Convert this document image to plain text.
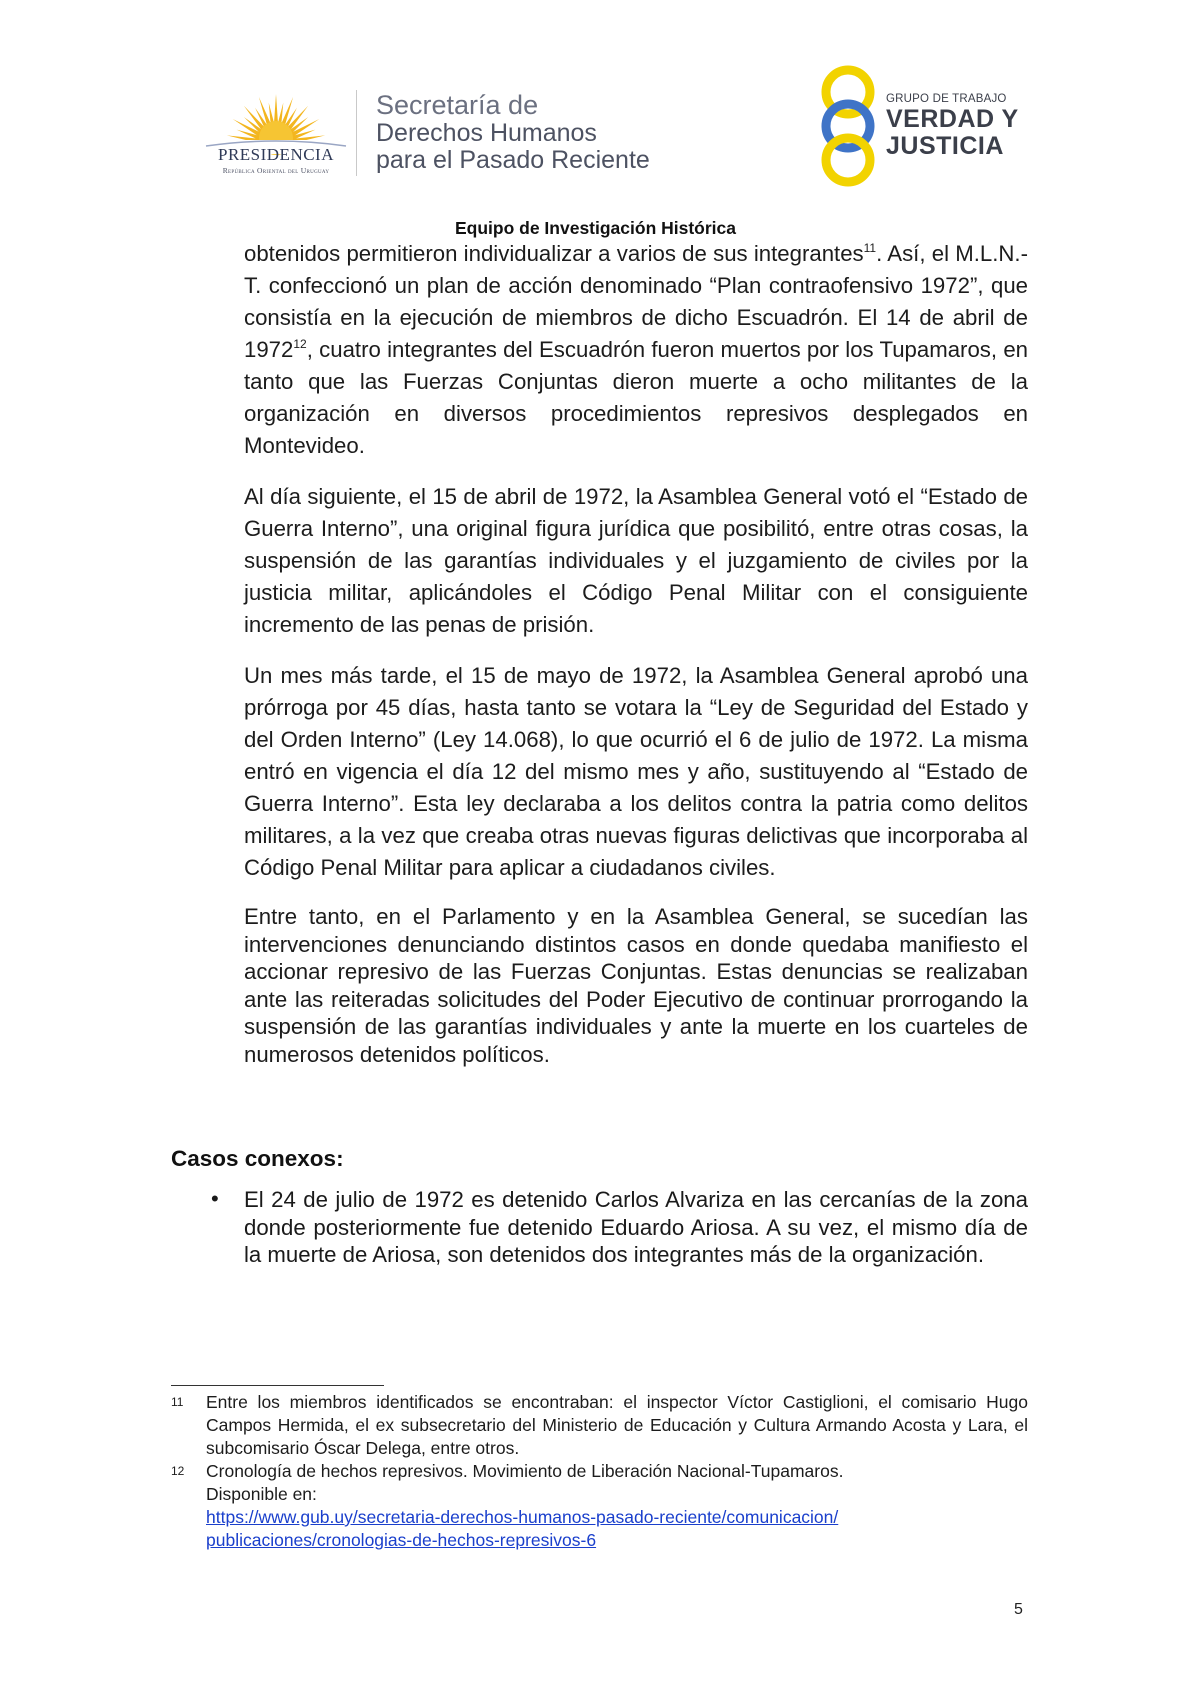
PRESIDENCIA
República Oriental del Uruguay
Secretaría de
Derechos Humanos
para el Pasado Reciente
GRUPO DE TRABAJO
VERDAD Y
JUSTICIA
Equipo de Investigación Histórica

obtenidos permitieron individualizar a varios de sus integrantes$^{11}$. Así, el M.L.N.-T. confeccionó un plan de acción denominado “Plan contraofensivo 1972”, que consistía en la ejecución de miembros de dicho Escuadrón. El 14 de abril de 1972$^{12}$, cuatro integrantes del Escuadrón fueron muertos por los Tupamaros, en tanto que las Fuerzas Conjuntas dieron muerte a ocho militantes de la organización en diversos procedimientos represivos desplegados en Montevideo.

Al día siguiente, el 15 de abril de 1972, la Asamblea General votó el “Estado de Guerra Interno”, una original figura jurídica que posibilitó, entre otras cosas, la suspensión de las garantías individuales y el juzgamiento de civiles por la justicia militar, aplicándoles el Código Penal Militar con el consiguiente incremento de las penas de prisión.

Un mes más tarde, el 15 de mayo de 1972, la Asamblea General aprobó una prórroga por 45 días, hasta tanto se votara la “Ley de Seguridad del Estado y del Orden Interno” (Ley 14.068), lo que ocurrió el 6 de julio de 1972. La misma entró en vigencia el día 12 del mismo mes y año, sustituyendo al “Estado de Guerra Interno”. Esta ley declaraba a los delitos contra la patria como delitos militares, a la vez que creaba otras nuevas figuras delictivas que incorporaba al Código Penal Militar para aplicar a ciudadanos civiles.

Entre tanto, en el Parlamento y en la Asamblea General, se sucedían las intervenciones denunciando distintos casos en donde quedaba manifiesto el accionar represivo de las Fuerzas Conjuntas. Estas denuncias se realizaban ante las reiteradas solicitudes del Poder Ejecutivo de continuar prorrogando la suspensión de las garantías individuales y ante la muerte en los cuarteles de numerosos detenidos políticos.

Casos conexos:
• El 24 de julio de 1972 es detenido Carlos Alvariza en las cercanías de la zona donde posteriormente fue detenido Eduardo Ariosa. A su vez, el mismo día de la muerte de Ariosa, son detenidos dos integrantes más de la organización.
11 Entre los miembros identificados se encontraban: el inspector Víctor Castiglioni, el comisario Hugo Campos Hermida, el ex subsecretario del Ministerio de Educación y Cultura Armando Acosta y Lara, el subcomisario Óscar Delega, entre otros.
12 Cronología de hechos represivos. Movimiento de Liberación Nacional-Tupamaros.
Disponible en:
https://www.gub.uy/secretaria-derechos-humanos-pasado-reciente/comunicacion/
publicaciones/cronologias-de-hechos-represivos-6
5
